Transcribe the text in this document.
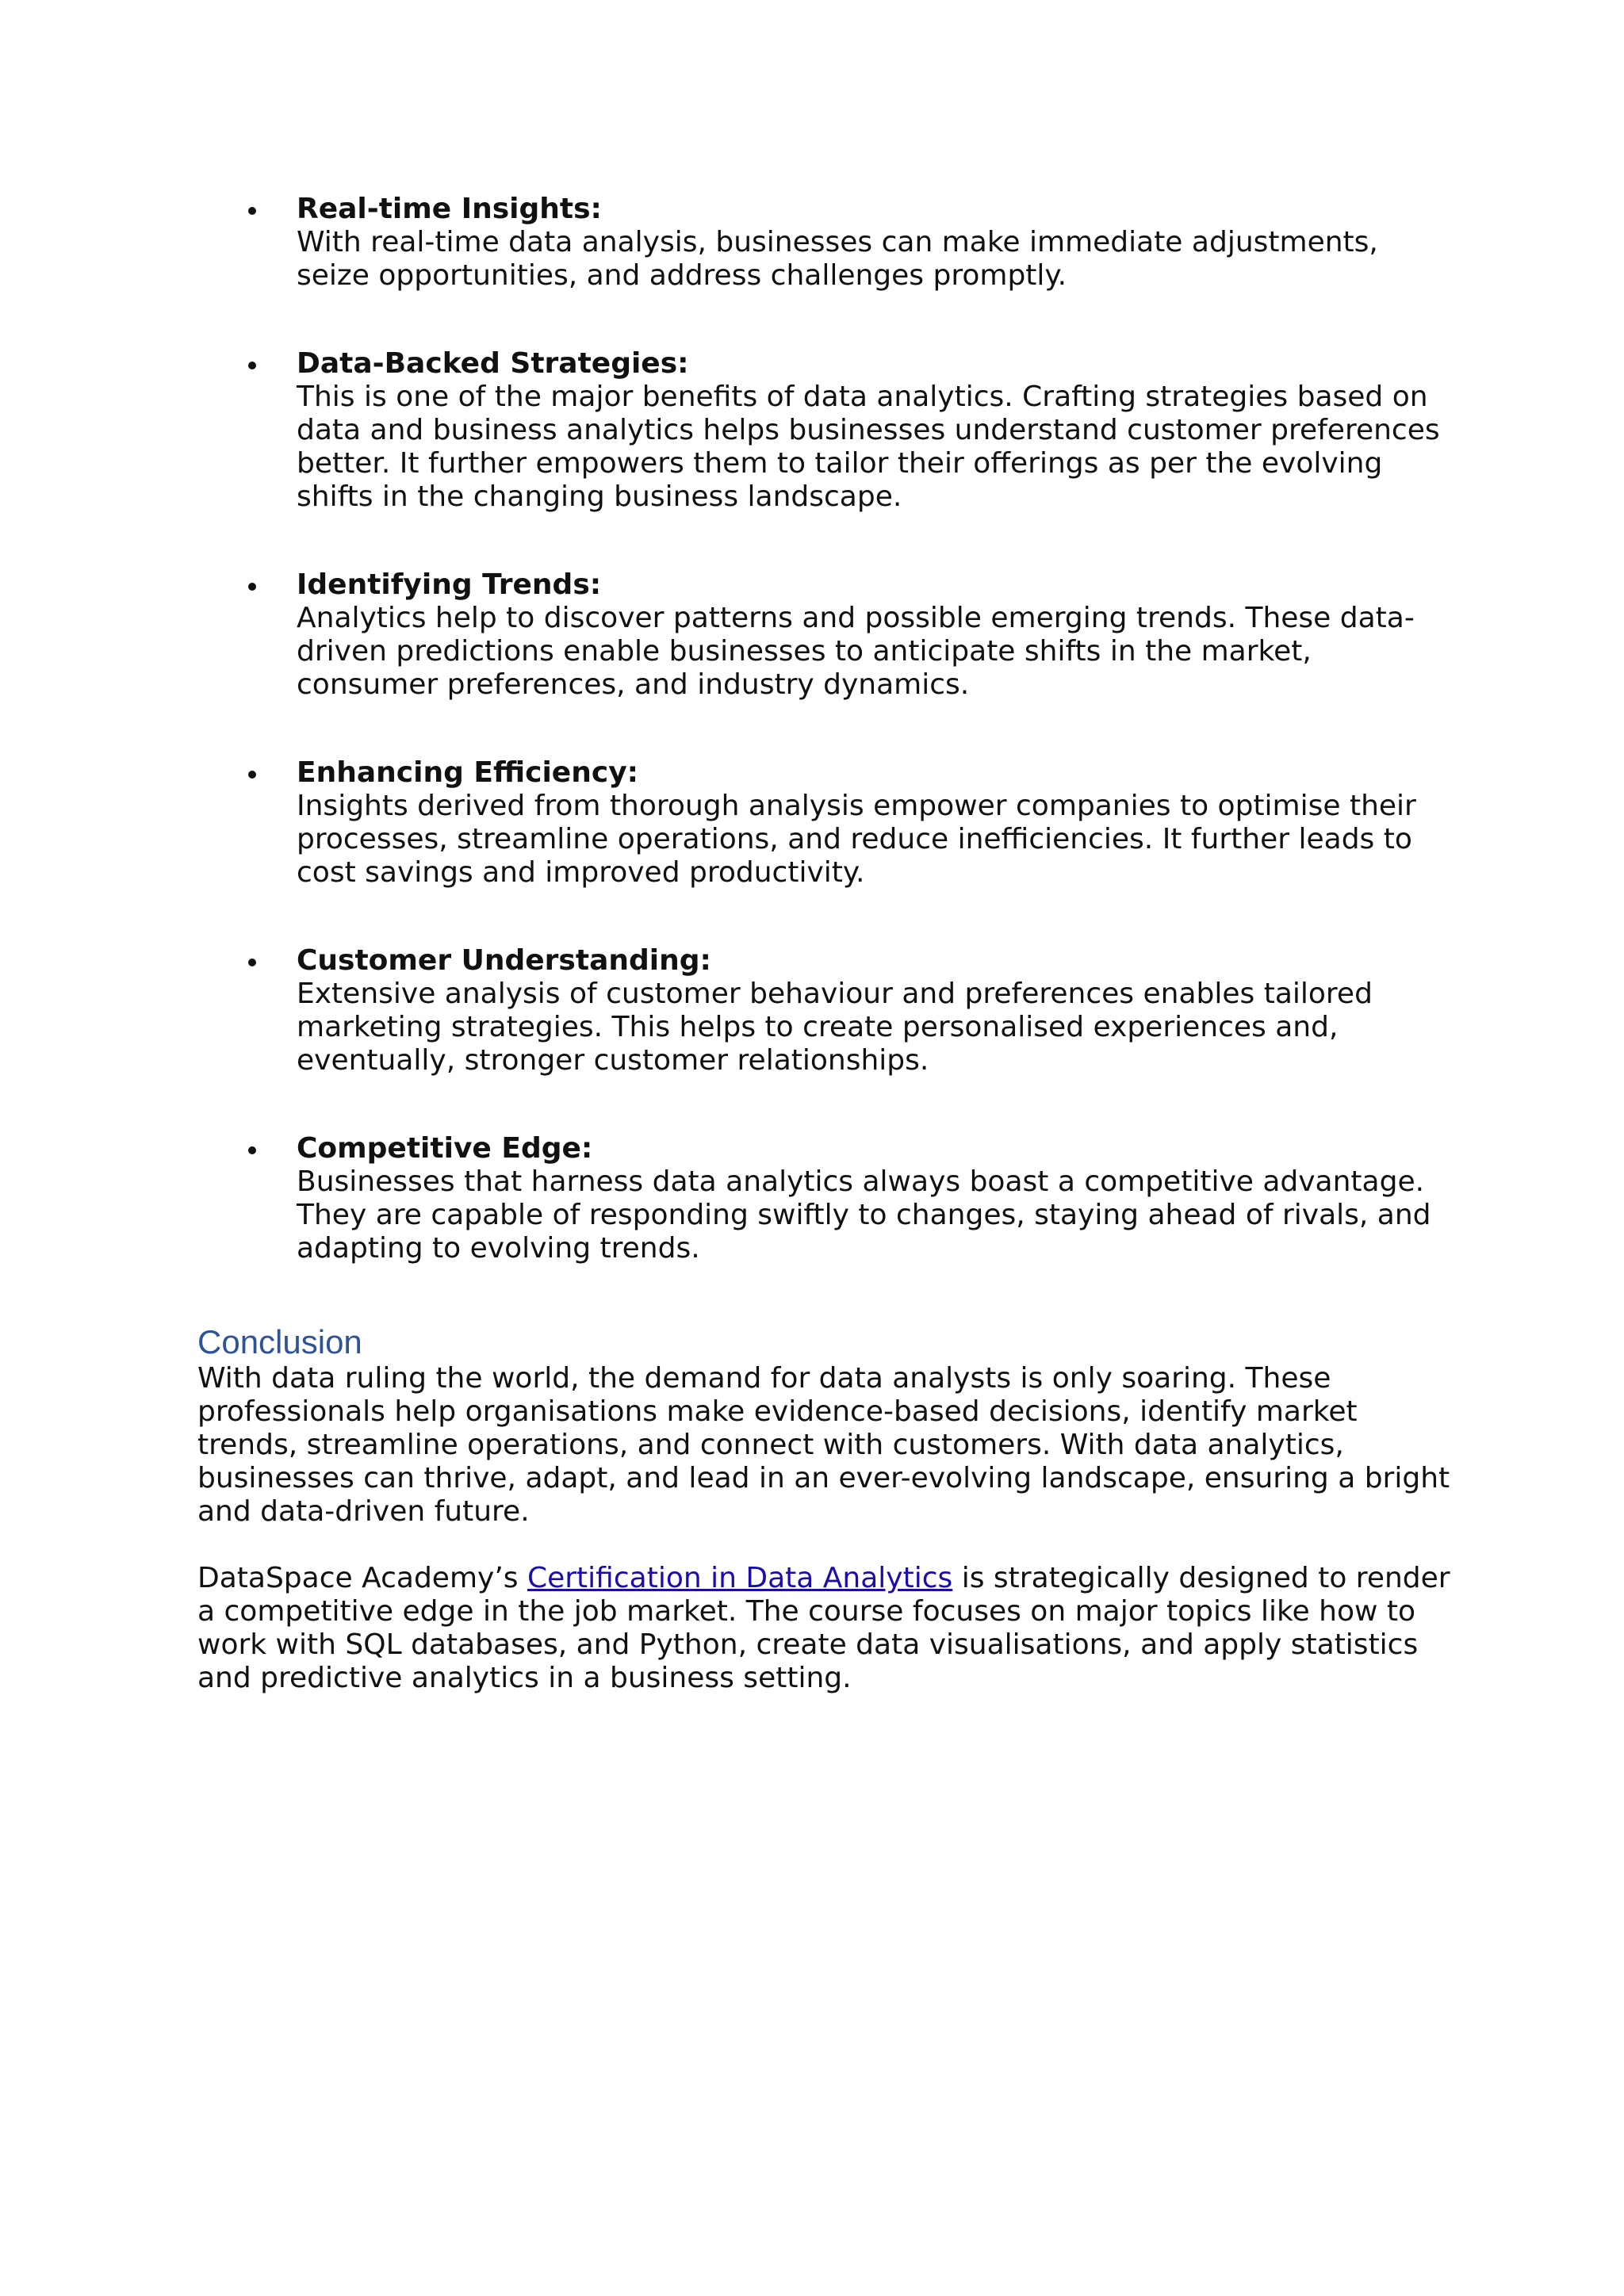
Real-time Insights:
With real-time data analysis, businesses can make immediate adjustments, seize opportunities, and address challenges promptly.
Data-Backed Strategies:
This is one of the major benefits of data analytics. Crafting strategies based on data and business analytics helps businesses understand customer preferences better. It further empowers them to tailor their offerings as per the evolving shifts in the changing business landscape.
Identifying Trends:
Analytics help to discover patterns and possible emerging trends. These data-driven predictions enable businesses to anticipate shifts in the market, consumer preferences, and industry dynamics.
Enhancing Efficiency:
Insights derived from thorough analysis empower companies to optimise their processes, streamline operations, and reduce inefficiencies. It further leads to cost savings and improved productivity.
Customer Understanding:
Extensive analysis of customer behaviour and preferences enables tailored marketing strategies. This helps to create personalised experiences and, eventually, stronger customer relationships.
Competitive Edge:
Businesses that harness data analytics always boast a competitive advantage. They are capable of responding swiftly to changes, staying ahead of rivals, and adapting to evolving trends.
Conclusion

With data ruling the world, the demand for data analysts is only soaring. These professionals help organisations make evidence-based decisions, identify market trends, streamline operations, and connect with customers. With data analytics, businesses can thrive, adapt, and lead in an ever-evolving landscape, ensuring a bright and data-driven future.

DataSpace Academy’s Certification in Data Analytics is strategically designed to render a competitive edge in the job market. The course focuses on major topics like how to work with SQL databases, and Python, create data visualisations, and apply statistics and predictive analytics in a business setting.
